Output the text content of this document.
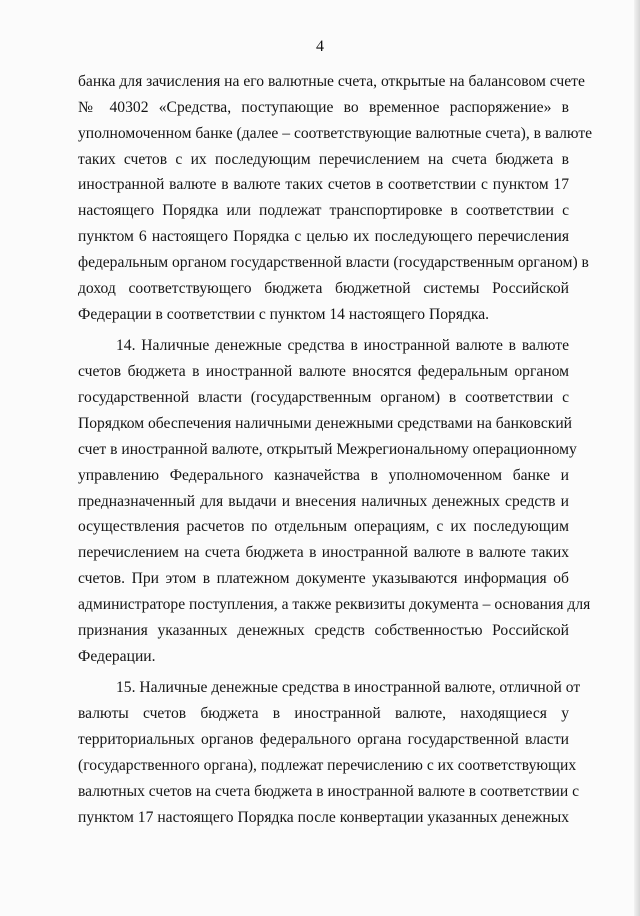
4
банка для зачисления на его валютные счета, открытые на балансовом счете
№ 40302 «Средства, поступающие во временное распоряжение» в
уполномоченном банке (далее – соответствующие валютные счета), в валюте
таких счетов с их последующим перечислением на счета бюджета в
иностранной валюте в валюте таких счетов в соответствии с пунктом 17
настоящего Порядка или подлежат транспортировке в соответствии с
пунктом 6 настоящего Порядка с целью их последующего перечисления
федеральным органом государственной власти (государственным органом) в
доход соответствующего бюджета бюджетной системы Российской
Федерации в соответствии с пунктом 14 настоящего Порядка.
14. Наличные денежные средства в иностранной валюте в валюте
счетов бюджета в иностранной валюте вносятся федеральным органом
государственной власти (государственным органом) в соответствии с
Порядком обеспечения наличными денежными средствами на банковский
счет в иностранной валюте, открытый Межрегиональному операционному
управлению Федерального казначейства в уполномоченном банке и
предназначенный для выдачи и внесения наличных денежных средств и
осуществления расчетов по отдельным операциям, с их последующим
перечислением на счета бюджета в иностранной валюте в валюте таких
счетов. При этом в платежном документе указываются информация об
администраторе поступления, а также реквизиты документа – основания для
признания указанных денежных средств собственностью Российской
Федерации.
15. Наличные денежные средства в иностранной валюте, отличной от
валюты счетов бюджета в иностранной валюте, находящиеся у
территориальных органов федерального органа государственной власти
(государственного органа), подлежат перечислению с их соответствующих
валютных счетов на счета бюджета в иностранной валюте в соответствии с
пунктом 17 настоящего Порядка после конвертации указанных денежных
